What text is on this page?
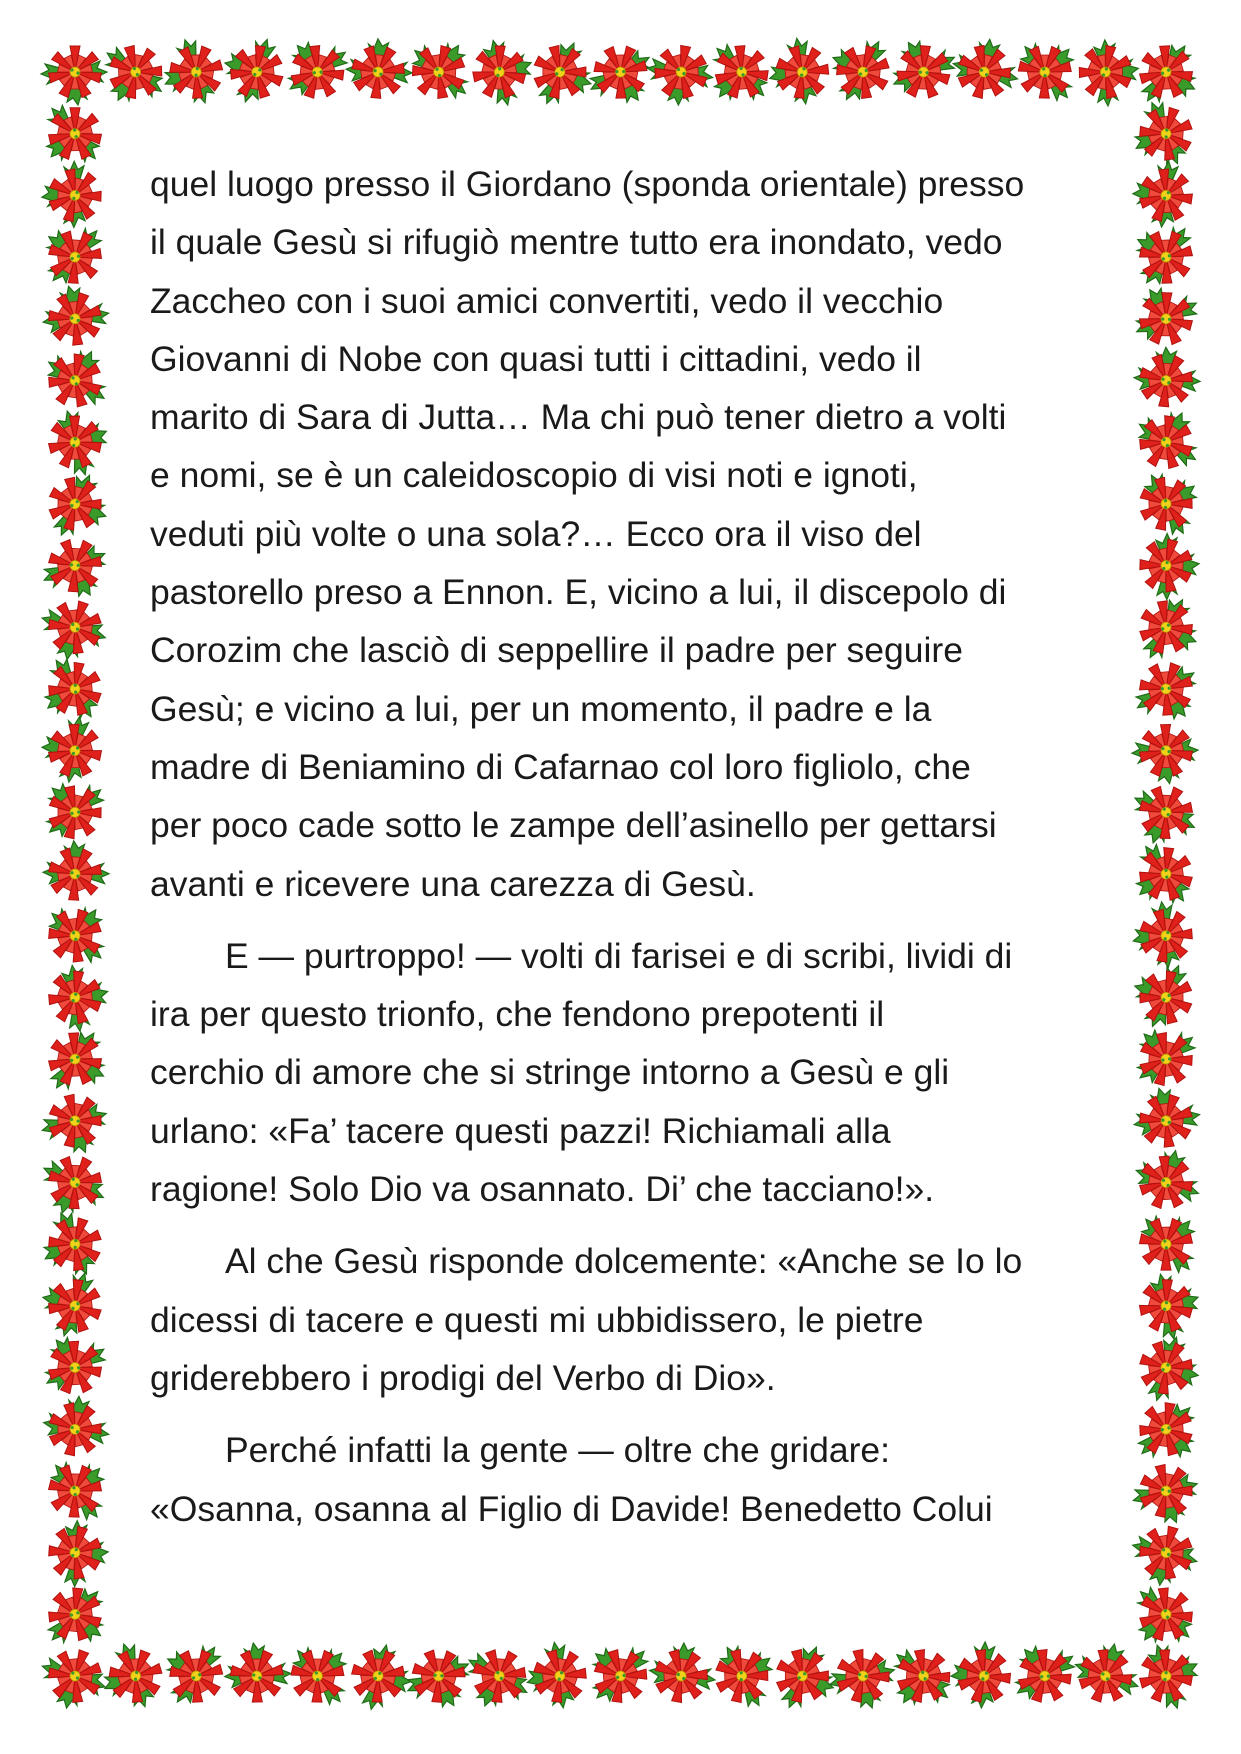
quel luogo presso il Giordano (sponda orientale) presso
il quale Gesù si rifugiò mentre tutto era inondato, vedo
Zaccheo con i suoi amici convertiti, vedo il vecchio
Giovanni di Nobe con quasi tutti i cittadini, vedo il
marito di Sara di Jutta… Ma chi può tener dietro a volti
e nomi, se è un caleidoscopio di visi noti e ignoti,
veduti più volte o una sola?… Ecco ora il viso del
pastorello preso a Ennon. E, vicino a lui, il discepolo di
Corozim che lasciò di seppellire il padre per seguire
Gesù; e vicino a lui, per un momento, il padre e la
madre di Beniamino di Cafarnao col loro figliolo, che
per poco cade sotto le zampe dell’asinello per gettarsi
avanti e ricevere una carezza di Gesù.

E — purtroppo! — volti di farisei e di scribi, lividi di
ira per questo trionfo, che fendono prepotenti il
cerchio di amore che si stringe intorno a Gesù e gli
urlano: «Fa’ tacere questi pazzi! Richiamali alla
ragione! Solo Dio va osannato. Di’ che tacciano!».

Al che Gesù risponde dolcemente: «Anche se Io lo
dicessi di tacere e questi mi ubbidissero, le pietre
griderebbero i prodigi del Verbo di Dio».

Perché infatti la gente — oltre che gridare:
«Osanna, osanna al Figlio di Davide! Benedetto Colui
